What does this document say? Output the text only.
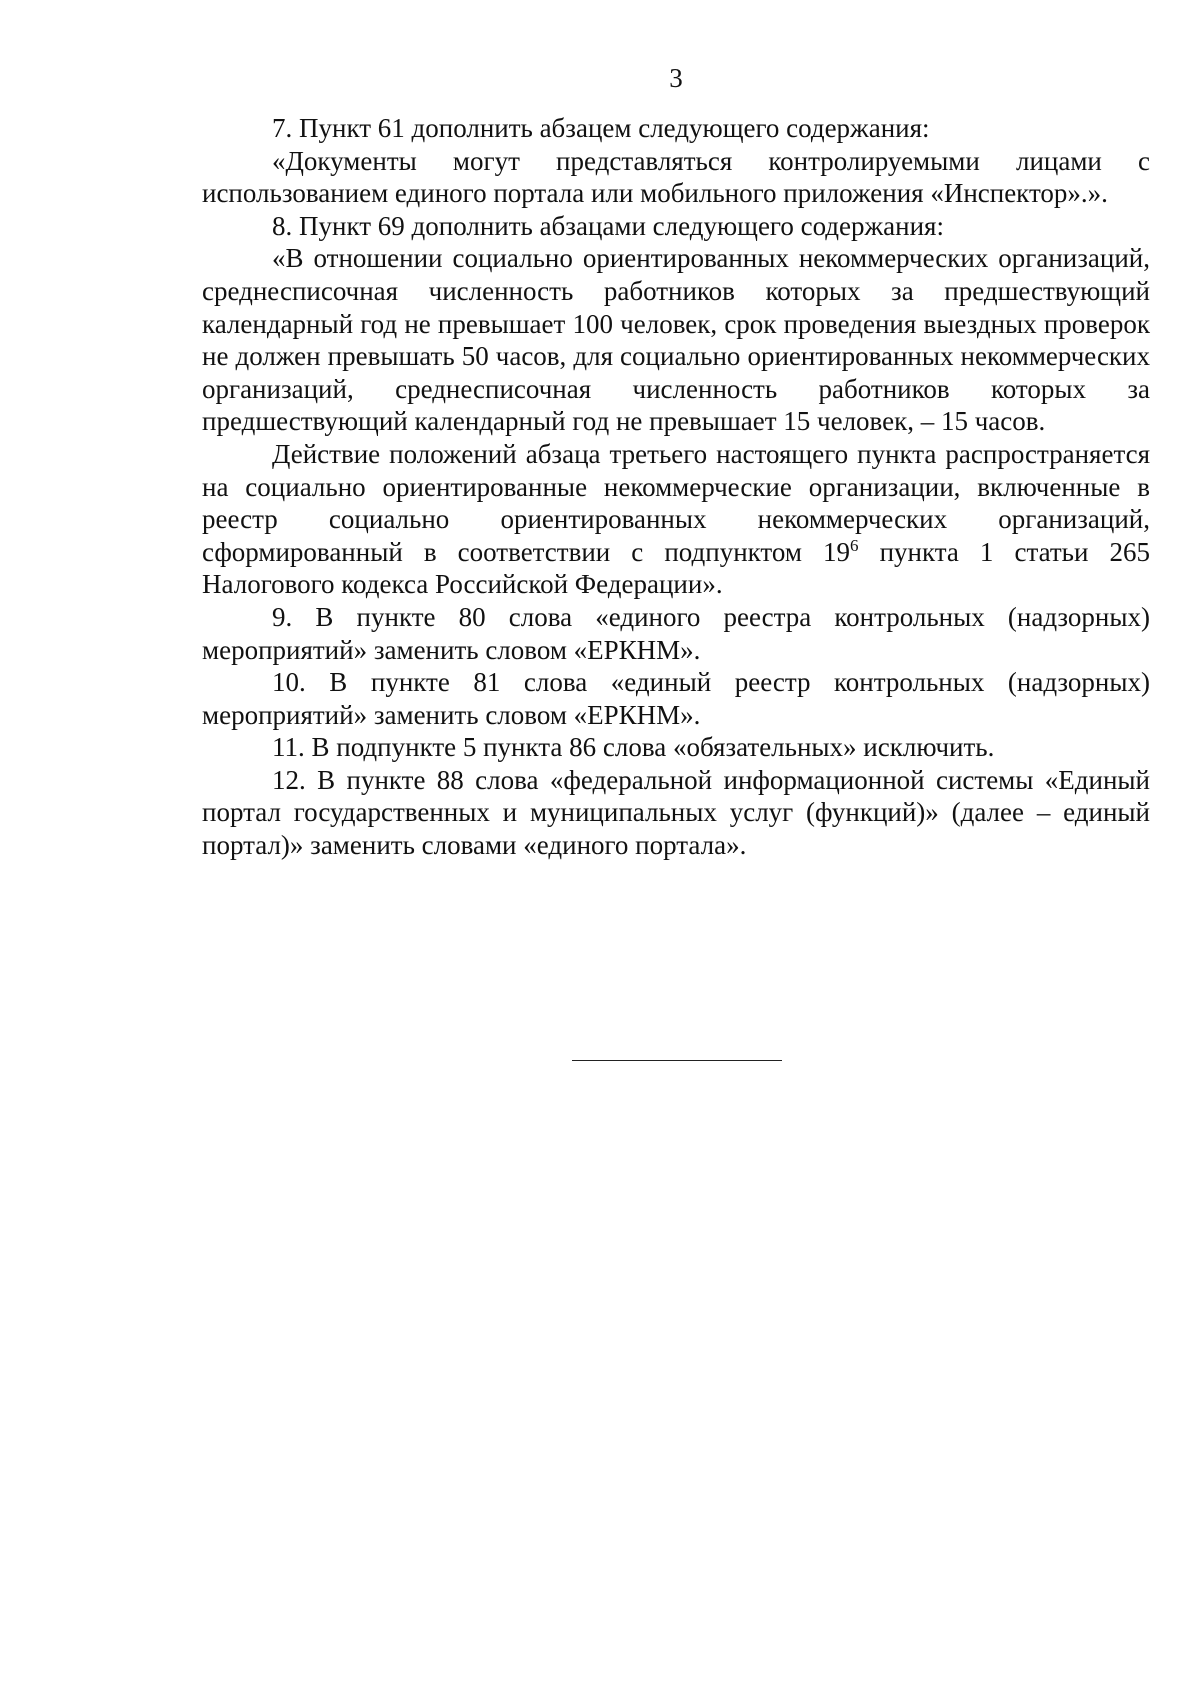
3

7. Пункт 61 дополнить абзацем следующего содержания:

«Документы могут представляться контролируемыми лицами с использованием единого портала или мобильного приложения «Инспектор».».

8. Пункт 69 дополнить абзацами следующего содержания:

«В отношении социально ориентированных некоммерческих организаций, среднесписочная численность работников которых за предшествующий календарный год не превышает 100 человек, срок проведения выездных проверок не должен превышать 50 часов, для социально ориентированных некоммерческих организаций, среднесписочная численность работников которых за предшествующий календарный год не превышает 15 человек, – 15 часов.

Действие положений абзаца третьего настоящего пункта распространяется на социально ориентированные некоммерческие организации, включенные в реестр социально ориентированных некоммерческих организаций, сформированный в соответствии с подпунктом $19^6$ пункта 1 статьи 265 Налогового кодекса Российской Федерации».

9. В пункте 80 слова «единого реестра контрольных (надзорных) мероприятий» заменить словом «ЕРКНМ».

10. В пункте 81 слова «единый реестр контрольных (надзорных) мероприятий» заменить словом «ЕРКНМ».

11. В подпункте 5 пункта 86 слова «обязательных» исключить.

12. В пункте 88 слова «федеральной информационной системы «Единый портал государственных и муниципальных услуг (функций)» (далее – единый портал)» заменить словами «единого портала».
